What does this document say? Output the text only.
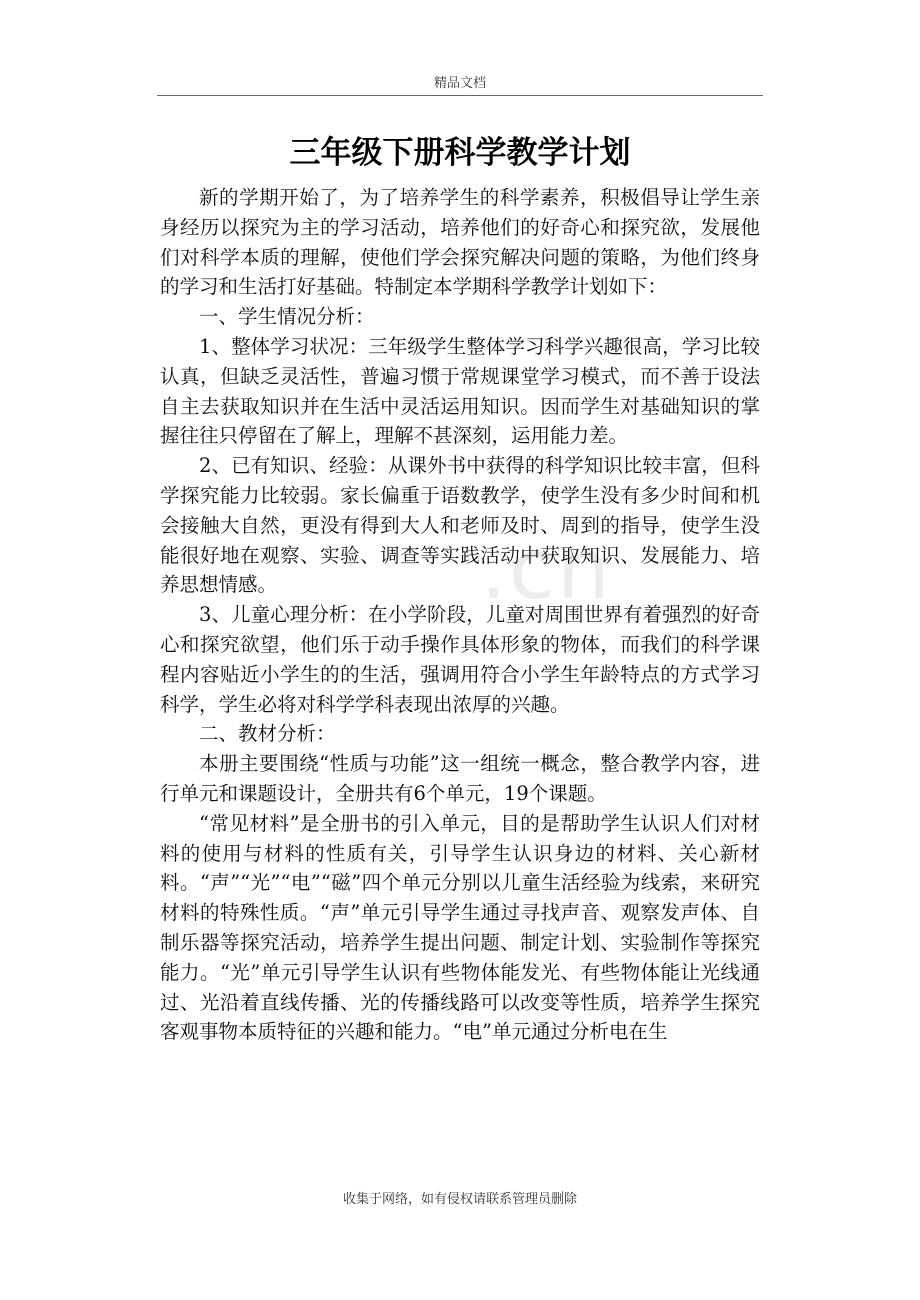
精品文档
.cn
三年级下册科学教学计划

新的学期开始了，为了培养学生的科学素养，积极倡导让学生亲身经历以探究为主的学习活动，培养他们的好奇心和探究欲，发展他们对科学本质的理解，使他们学会探究解决问题的策略，为他们终身的学习和生活打好基础。特制定本学期科学教学计划如下：

一、学生情况分析：

1、整体学习状况：三年级学生整体学习科学兴趣很高，学习比较认真，但缺乏灵活性，普遍习惯于常规课堂学习模式，而不善于设法自主去获取知识并在生活中灵活运用知识。因而学生对基础知识的掌握往往只停留在了解上，理解不甚深刻，运用能力差。

2、已有知识、经验：从课外书中获得的科学知识比较丰富，但科学探究能力比较弱。家长偏重于语数教学，使学生没有多少时间和机会接触大自然，更没有得到大人和老师及时、周到的指导，使学生没能很好地在观察、实验、调查等实践活动中获取知识、发展能力、培养思想情感。

3、儿童心理分析：在小学阶段，儿童对周围世界有着强烈的好奇心和探究欲望，他们乐于动手操作具体形象的物体，而我们的科学课程内容贴近小学生的的生活，强调用符合小学生年龄特点的方式学习科学，学生必将对科学学科表现出浓厚的兴趣。

二、教材分析：

本册主要围绕“性质与功能”这一组统一概念，整合教学内容，进行单元和课题设计，全册共有6个单元，19个课题。

“常见材料”是全册书的引入单元，目的是帮助学生认识人们对材料的使用与材料的性质有关，引导学生认识身边的材料、关心新材料。“声”“光”“电”“磁”四个单元分别以儿童生活经验为线索，来研究材料的特殊性质。“声”单元引导学生通过寻找声音、观察发声体、自制乐器等探究活动，培养学生提出问题、制定计划、实验制作等探究能力。“光”单元引导学生认识有些物体能发光、有些物体能让光线通过、光沿着直线传播、光的传播线路可以改变等性质，培养学生探究客观事物本质特征的兴趣和能力。“电”单元通过分析电在生

收集于网络，如有侵权请联系管理员删除
